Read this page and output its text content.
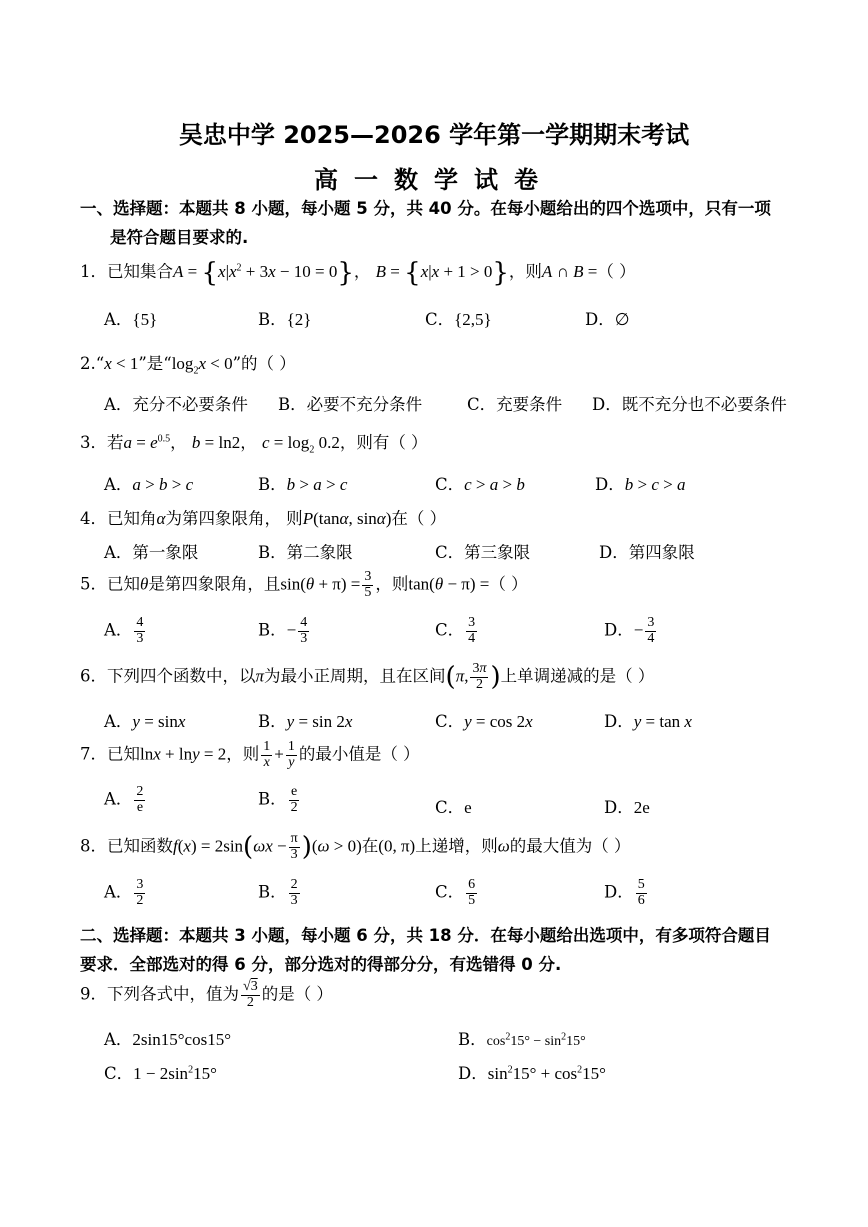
吴忠中学 2025—2026 学年第一学期期末考试
高一数学试卷
一、选择题：本题共 8 小题，每小题 5 分，共 40 分。在每小题给出的四个选项中，只有一项
是符合题目要求的.
1．已知集合$A = \{x|x^2 + 3x - 10 = 0\}$， B = {x|x + 1 > 0}，则A ∩ B =（ ）
A．{5}	B．{2}	C．{2,5}	D．∅
2.“x < 1”是“$\log_2x < 0$”的（ ）
A．充分不必要条件 B．必要不充分条件	C．充要条件 D．既不充分也不必要条件
3．若$a = e^{0.5}$， b = ln2， $c = \log_2 0.2$，则有（ ）
A．a > b > c	B．b > a > c	C．c > a > b	D．b > c > a
4．已知角α为第四象限角， 则P(tanα, sinα)在（ ）
A．第一象限	B．第二象限	C．第三象限	D．第四象限
5．已知θ是第四象限角，且$\sin(\theta + \pi) = \frac{3}{5}$ ，则tan(θ − π) =（ ）
A． $\frac{4}{3}$	B．− $\frac{4}{3}$	C． $\frac{3}{4}$	D．− $\frac{3}{4}$
6．下列四个函数中，以π为最小正周期，且在区间(π, $\frac{3\pi}{2}$ )上单调递减的是（ ）
A．y = sinx	B．y = sin 2x	C．y = cos 2x	D．y = tan x
7．已知lnx + lny = 2，则 $\frac{1}{x} + \frac{1}{y}$ 的最小值是（ ）
A． $\frac{2}{e}$	B． $\frac{e}{2}$	C．e	D．2e
8．已知函数$f(x) = 2\sin(\omega x - \frac{\pi}{3} )(\omega > 0)$在(0, π)上递增，则ω的最大值为（ ）
A． $\frac{3}{2}$	B． $\frac{2}{3}$	C． $\frac{6}{5}$	D． $\frac{5}{6}$
二、选择题：本题共 3 小题，每小题 6 分，共 18 分．在每小题给出选项中，有多项符合题目
要求．全部选对的得 6 分，部分选对的得部分分，有选错得 0 分.
9．下列各式中，值为 $\frac{√3}{2}$ 的是（ ）
A．2sin15°cos15°	B．$\cos^215^\circ - \sin^215^\circ$
C．$1 - 2\sin^215^\circ$	D．$\sin^215^\circ + \cos^215^\circ$
